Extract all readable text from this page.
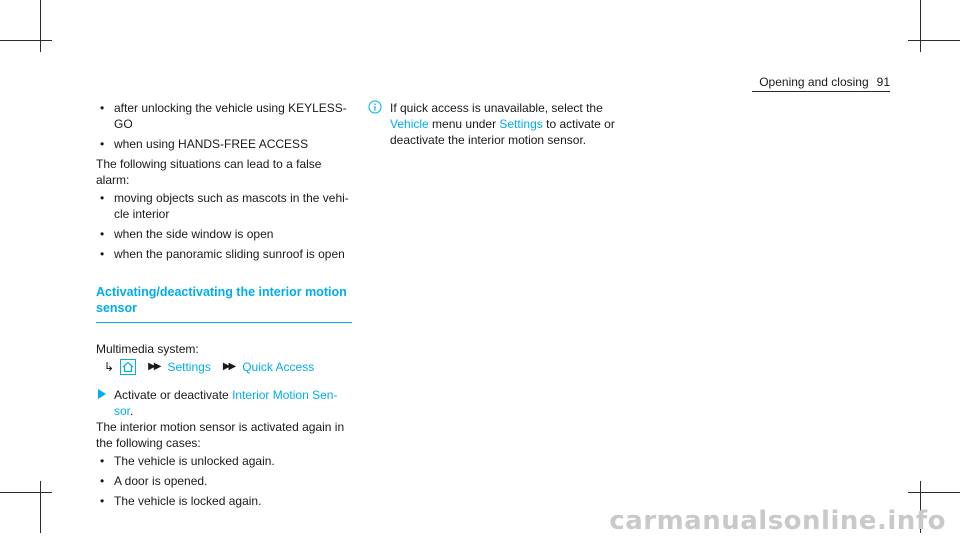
Opening and closing 91
• after unlocking the vehicle using KEYLESS-GO
• when using HANDS-FREE ACCESS

The following situations can lead to a false alarm:

• moving objects such as mascots in the vehicle interior
• when the side window is open
• when the panoramic sliding sunroof is open
Activating/deactivating the interior motion sensor

Multimedia system:

↳	▶▶ Settings ▶▶ Quick Access
Activate or deactivate Interior Motion Sensor.

The interior motion sensor is activated again in the following cases:

• The vehicle is unlocked again.
• A door is opened.
• The vehicle is locked again.
If quick access is unavailable, select the Vehicle menu under Settings to activate or deactivate the interior motion sensor.
carmanualsonline.info
